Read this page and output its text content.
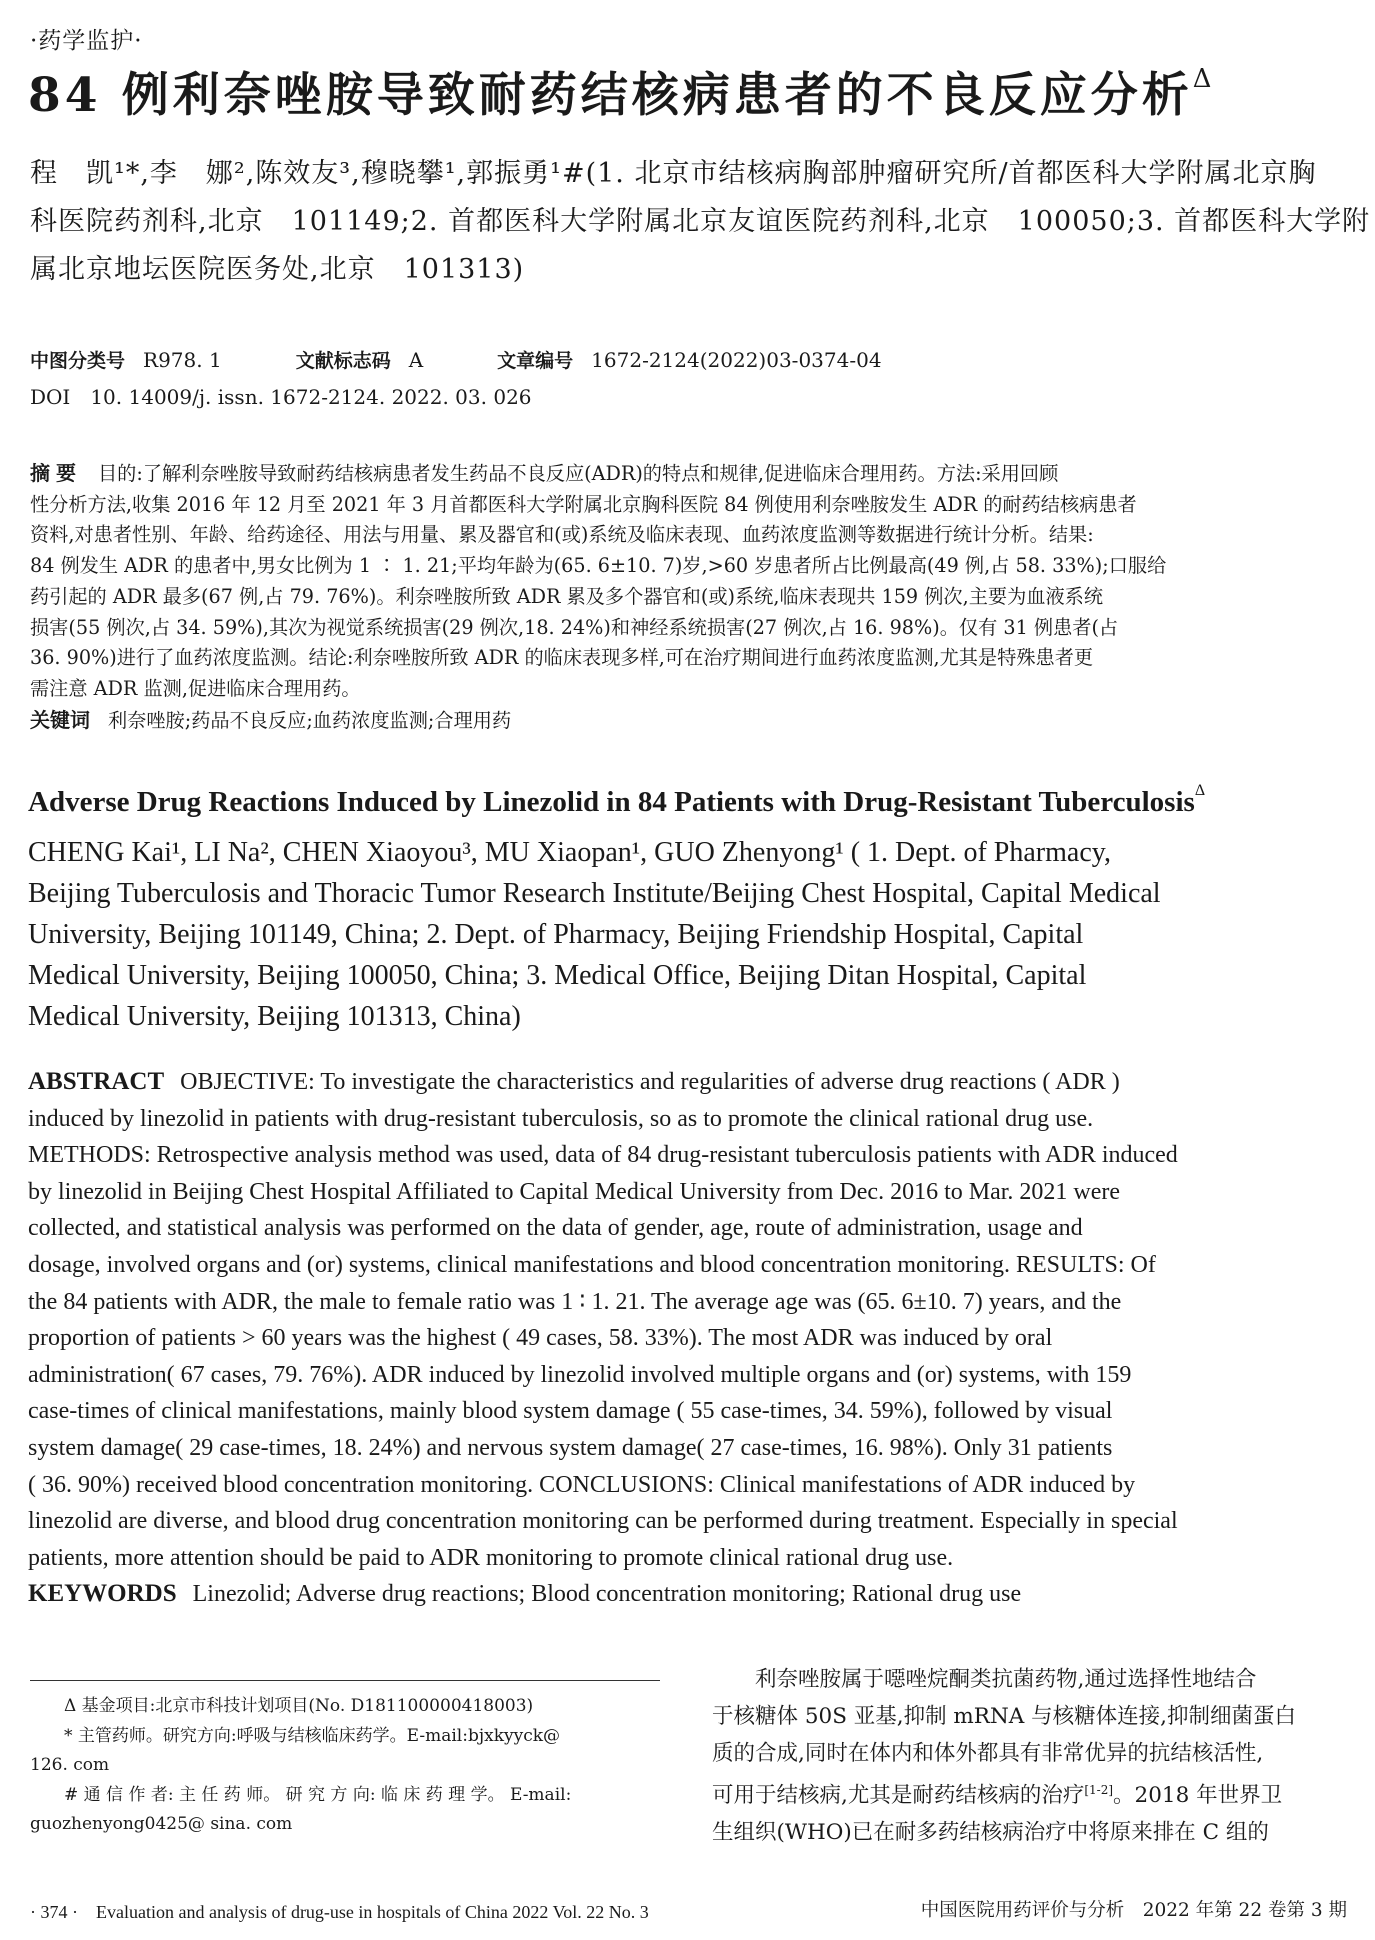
·药学监护·
84 例利奈唑胺导致耐药结核病患者的不良反应分析$^\Delta$

程　凯¹*,李　娜²,陈效友³,穆晓攀¹,郭振勇¹#(1. 北京市结核病胸部肿瘤研究所/首都医科大学附属北京胸

科医院药剂科,北京　101149;2. 首都医科大学附属北京友谊医院药剂科,北京　100050;3. 首都医科大学附

属北京地坛医院医务处,北京　101313)

中图分类号 R978. 1	文献标志码 A	文章编号 1672-2124(2022)03-0374-04
DOI　10. 14009/j. issn. 1672-2124. 2022. 03. 026

摘要 目的:了解利奈唑胺导致耐药结核病患者发生药品不良反应(ADR)的特点和规律,促进临床合理用药。方法:采用回顾

性分析方法,收集 2016 年 12 月至 2021 年 3 月首都医科大学附属北京胸科医院 84 例使用利奈唑胺发生 ADR 的耐药结核病患者

资料,对患者性别、年龄、给药途径、用法与用量、累及器官和(或)系统及临床表现、血药浓度监测等数据进行统计分析。结果:

84 例发生 ADR 的患者中,男女比例为 1 ∶ 1. 21;平均年龄为(65. 6±10. 7)岁,>60 岁患者所占比例最高(49 例,占 58. 33%);口服给

药引起的 ADR 最多(67 例,占 79. 76%)。利奈唑胺所致 ADR 累及多个器官和(或)系统,临床表现共 159 例次,主要为血液系统

损害(55 例次,占 34. 59%),其次为视觉系统损害(29 例次,18. 24%)和神经系统损害(27 例次,占 16. 98%)。仅有 31 例患者(占

36. 90%)进行了血药浓度监测。结论:利奈唑胺所致 ADR 的临床表现多样,可在治疗期间进行血药浓度监测,尤其是特殊患者更

需注意 ADR 监测,促进临床合理用药。

关键词 利奈唑胺;药品不良反应;血药浓度监测;合理用药

Adverse Drug Reactions Induced by Linezolid in 84 Patients with Drug-Resistant Tuberculosis$^\Delta$

CHENG Kai¹, LI Na², CHEN Xiaoyou³, MU Xiaopan¹, GUO Zhenyong¹ ( 1. Dept. of Pharmacy,

Beijing Tuberculosis and Thoracic Tumor Research Institute/Beijing Chest Hospital, Capital Medical

University, Beijing 101149, China; 2. Dept. of Pharmacy, Beijing Friendship Hospital, Capital

Medical University, Beijing 100050, China; 3. Medical Office, Beijing Ditan Hospital, Capital

Medical University, Beijing 101313, China)

ABSTRACT OBJECTIVE: To investigate the characteristics and regularities of adverse drug reactions ( ADR )

induced by linezolid in patients with drug-resistant tuberculosis, so as to promote the clinical rational drug use.

METHODS: Retrospective analysis method was used, data of 84 drug-resistant tuberculosis patients with ADR induced

by linezolid in Beijing Chest Hospital Affiliated to Capital Medical University from Dec. 2016 to Mar. 2021 were

collected, and statistical analysis was performed on the data of gender, age, route of administration, usage and

dosage, involved organs and (or) systems, clinical manifestations and blood concentration monitoring. RESULTS: Of

the 84 patients with ADR, the male to female ratio was 1 ∶ 1. 21. The average age was (65. 6±10. 7) years, and the

proportion of patients > 60 years was the highest ( 49 cases, 58. 33%). The most ADR was induced by oral

administration( 67 cases, 79. 76%). ADR induced by linezolid involved multiple organs and (or) systems, with 159

case-times of clinical manifestations, mainly blood system damage ( 55 case-times, 34. 59%), followed by visual

system damage( 29 case-times, 18. 24%) and nervous system damage( 27 case-times, 16. 98%). Only 31 patients

( 36. 90%) received blood concentration monitoring. CONCLUSIONS: Clinical manifestations of ADR induced by

linezolid are diverse, and blood drug concentration monitoring can be performed during treatment. Especially in special

patients, more attention should be paid to ADR monitoring to promote clinical rational drug use.

KEYWORDS Linezolid; Adverse drug reactions; Blood concentration monitoring; Rational drug use

　　Δ 基金项目:北京市科技计划项目(No. D181100000418003)

　　* 主管药师。研究方向:呼吸与结核临床药学。E-mail:bjxkyyck@

126. com

　　# 通 信 作 者: 主 任 药 师。 研 究 方 向: 临 床 药 理 学。 E-mail:

guozhenyong0425@ sina. com

　　利奈唑胺属于噁唑烷酮类抗菌药物,通过选择性地结合

于核糖体 50S 亚基,抑制 mRNA 与核糖体连接,抑制细菌蛋白

质的合成,同时在体内和体外都具有非常优异的抗结核活性,

可用于结核病,尤其是耐药结核病的治疗[1-2]。2018 年世界卫

生组织(WHO)已在耐多药结核病治疗中将原来排在 C 组的

· 374 ·　Evaluation and analysis of drug-use in hospitals of China 2022 Vol. 22 No. 3	中国医院用药评价与分析　2022 年第 22 卷第 3 期
